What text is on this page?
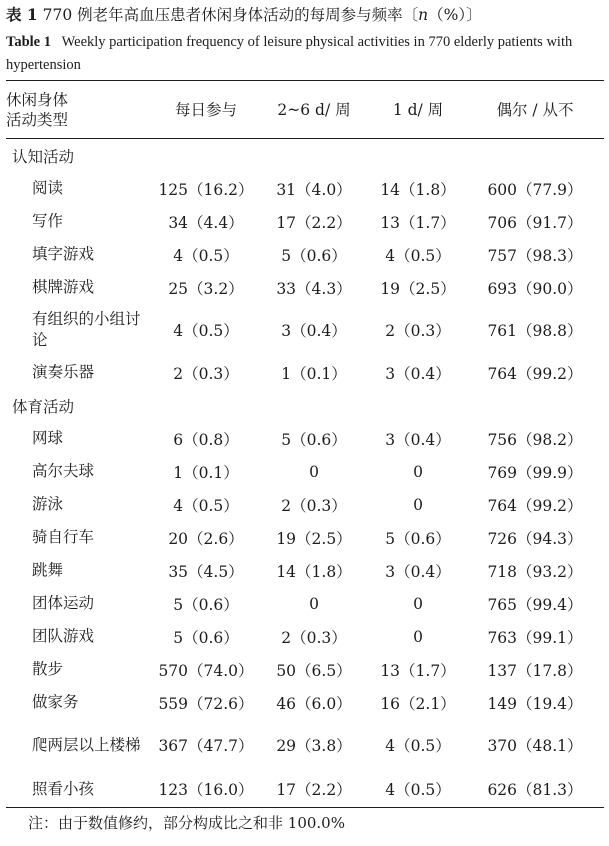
表 1 770 例老年高血压患者休闲身体活动的每周参与频率〔n（%）〕
Table 1 Weekly participation frequency of leisure physical activities in 770 elderly patients with hypertension
休闲身体活动类型	每日参与	2~6 d/ 周	1 d/ 周	偶尔 / 从不
认知活动				
阅读	125（16.2）	31（4.0）	14（1.8）	600（77.9）
写作	34（4.4）	17（2.2）	13（1.7）	706（91.7）
填字游戏	4（0.5）	5（0.6）	4（0.5）	757（98.3）
棋牌游戏	25（3.2）	33（4.3）	19（2.5）	693（90.0）
有组织的小组讨论	4（0.5）	3（0.4）	2（0.3）	761（98.8）
演奏乐器	2（0.3）	1（0.1）	3（0.4）	764（99.2）
体育活动				
网球	6（0.8）	5（0.6）	3（0.4）	756（98.2）
高尔夫球	1（0.1）	0	0	769（99.9）
游泳	4（0.5）	2（0.3）	0	764（99.2）
骑自行车	20（2.6）	19（2.5）	5（0.6）	726（94.3）
跳舞	35（4.5）	14（1.8）	3（0.4）	718（93.2）
团体运动	5（0.6）	0	0	765（99.4）
团队游戏	5（0.6）	2（0.3）	0	763（99.1）
散步	570（74.0）	50（6.5）	13（1.7）	137（17.8）
做家务	559（72.6）	46（6.0）	16（2.1）	149（19.4）
爬两层以上楼梯	367（47.7）	29（3.8）	4（0.5）	370（48.1）
照看小孩	123（16.0）	17（2.2）	4（0.5）	626（81.3）
注：由于数值修约，部分构成比之和非 100.0%
